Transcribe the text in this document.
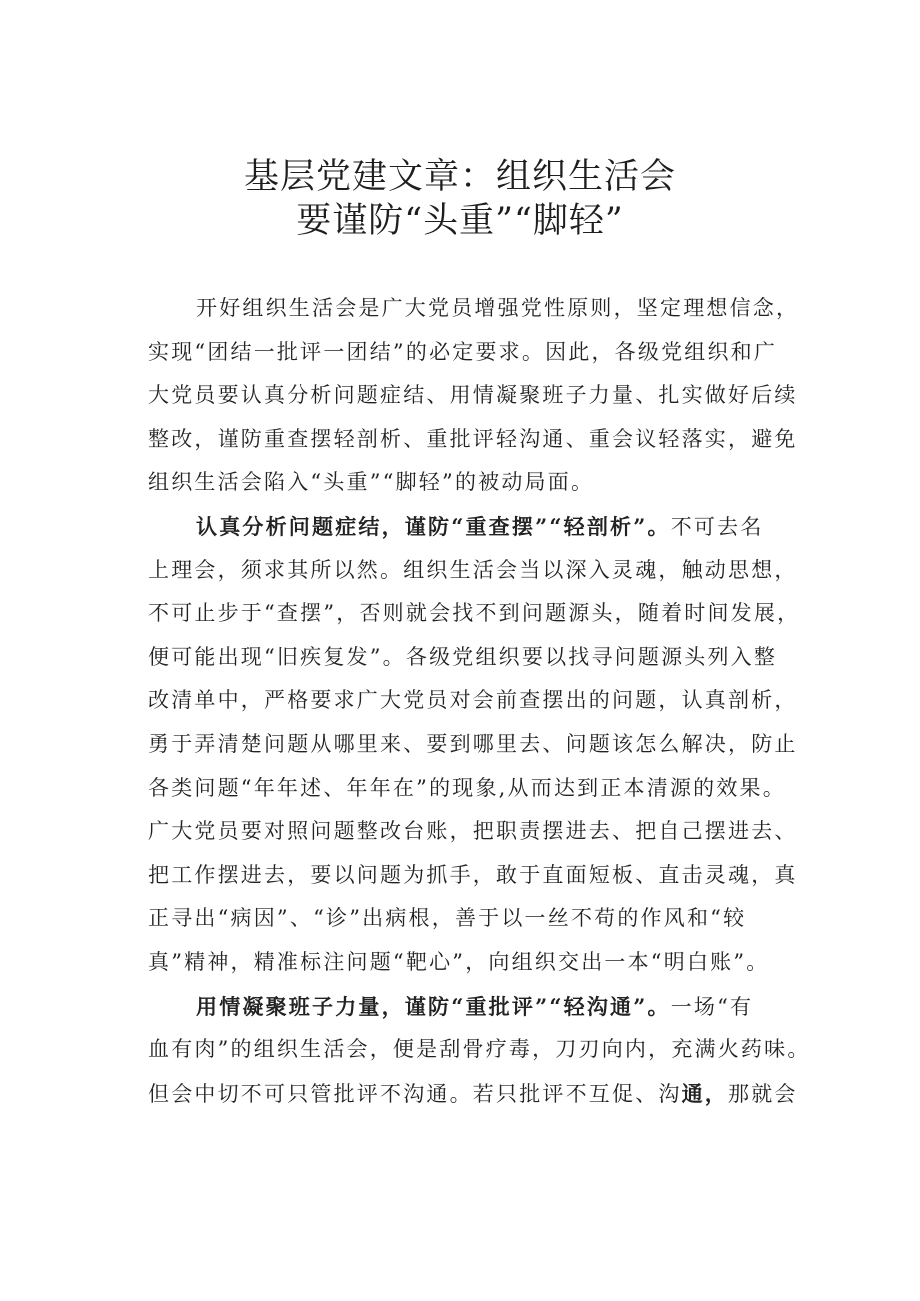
基层党建文章：组织生活会
要谨防“头重”“脚轻”
开好组织生活会是广大党员增强党性原则，坚定理想信念，
实现“团结一批评一团结”的必定要求。因此，各级党组织和广
大党员要认真分析问题症结、用情凝聚班子力量、扎实做好后续
整改，谨防重查摆轻剖析、重批评轻沟通、重会议轻落实，避免
组织生活会陷入“头重”“脚轻”的被动局面。
认真分析问题症结，谨防“重查摆”“轻剖析”。不可去名
上理会，须求其所以然。组织生活会当以深入灵魂，触动思想，
不可止步于“查摆”，否则就会找不到问题源头，随着时间发展，
便可能出现“旧疾复发”。各级党组织要以找寻问题源头列入整
改清单中，严格要求广大党员对会前查摆出的问题，认真剖析，
勇于弄清楚问题从哪里来、要到哪里去、问题该怎么解决，防止
各类问题“年年述、年年在”的现象,从而达到正本清源的效果。
广大党员要对照问题整改台账，把职责摆进去、把自己摆进去、
把工作摆进去，要以问题为抓手，敢于直面短板、直击灵魂，真
正寻出“病因”、“诊”出病根，善于以一丝不苟的作风和“较
真”精神，精准标注问题“靶心”，向组织交出一本“明白账”。
用情凝聚班子力量，谨防“重批评”“轻沟通”。一场“有
血有肉”的组织生活会，便是刮骨疗毒，刀刃向内，充满火药味。
但会中切不可只管批评不沟通。若只批评不互促、沟通，那就会
